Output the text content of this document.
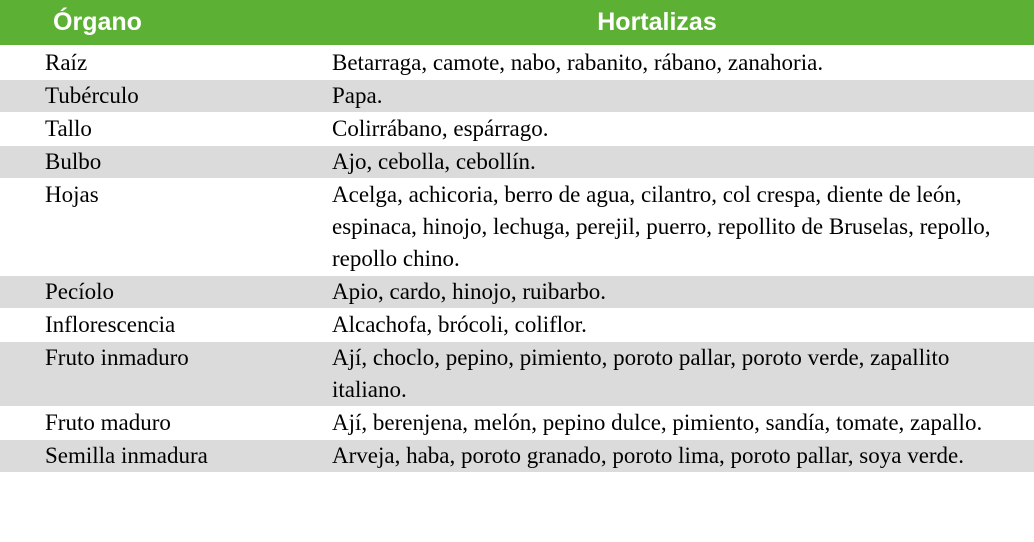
Órgano	Hortalizas
Raíz	Betarraga, camote, nabo, rabanito, rábano, zanahoria.
Tubérculo	Papa.
Tallo	Colirrábano, espárrago.
Bulbo	Ajo, cebolla, cebollín.
Hojas	Acelga, achicoria, berro de agua, cilantro, col crespa, diente de león, espinaca, hinojo, lechuga, perejil, puerro, repollito de Bruselas, repollo, repollo chino.
Pecíolo	Apio, cardo, hinojo, ruibarbo.
Inflorescencia	Alcachofa, brócoli, coliflor.
Fruto inmaduro	Ají, choclo, pepino, pimiento, poroto pallar, poroto verde, zapallito italiano.
Fruto maduro	Ají, berenjena, melón, pepino dulce, pimiento, sandía, tomate, zapallo.
Semilla inmadura	Arveja, haba, poroto granado, poroto lima, poroto pallar, soya verde.
